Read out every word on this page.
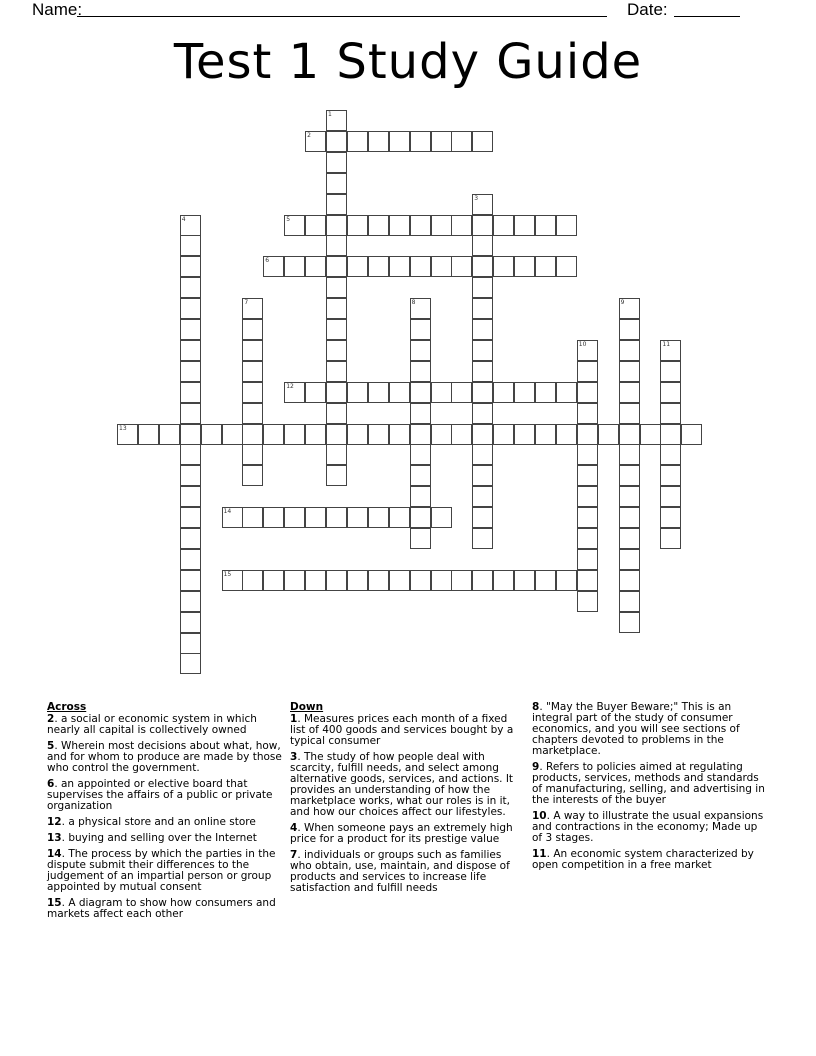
Name:	Date:
Test 1 Study Guide
1
2
3
4	5
6
7	8	9
10	11
12
13
14
15
Across

2. a social or economic system in which nearly all capital is collectively owned

5. Wherein most decisions about what, how, and for whom to produce are made by those who control the government.

6. an appointed or elective board that supervises the affairs of a public or private organization

12. a physical store and an online store

13. buying and selling over the Internet

14. The process by which the parties in the dispute submit their differences to the judgement of an impartial person or group appointed by mutual consent

15. A diagram to show how consumers and markets affect each other

Down

1. Measures prices each month of a fixed list of 400 goods and services bought by a typical consumer

3. The study of how people deal with scarcity, fulfill needs, and select among alternative goods, services, and actions. It provides an understanding of how the marketplace works, what our roles is in it, and how our choices affect our lifestyles.

4. When someone pays an extremely high price for a product for its prestige value

7. individuals or groups such as families who obtain, use, maintain, and dispose of products and services to increase life satisfaction and fulfill needs

8. "May the Buyer Beware;" This is an integral part of the study of consumer economics, and you will see sections of chapters devoted to problems in the marketplace.

9. Refers to policies aimed at regulating products, services, methods and standards of manufacturing, selling, and advertising in the interests of the buyer

10. A way to illustrate the usual expansions and contractions in the economy; Made up of 3 stages.

11. An economic system characterized by open competition in a free market
